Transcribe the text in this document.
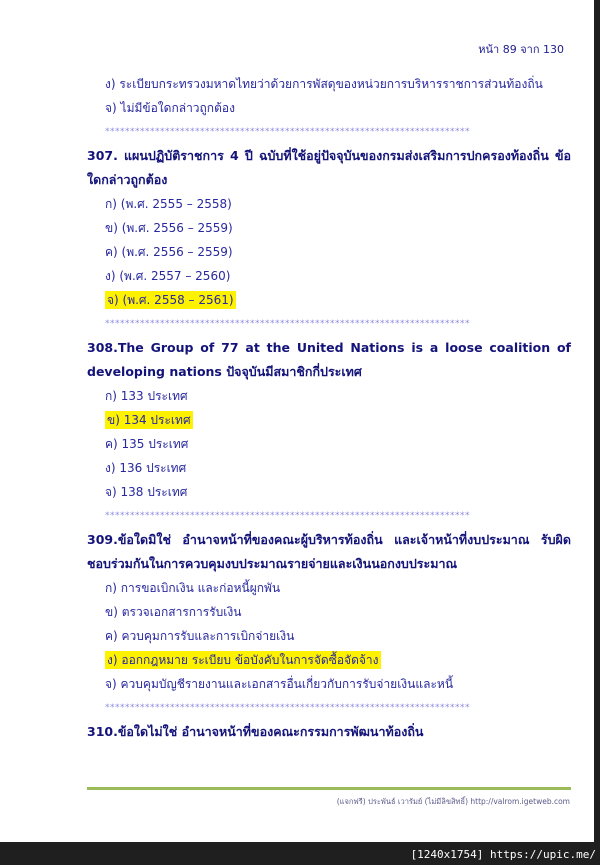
หน้า 89 จาก 130
ง) ระเบียบกระทรวงมหาดไทยว่าด้วยการพัสดุของหน่วยการบริหารราชการส่วนท้องถิ่น
จ) ไม่มีข้อใดกล่าวถูกต้อง
*************************************************************************
307. แผนปฏิบัติราชการ 4 ปี ฉบับที่ใช้อยู่ปัจจุบันของกรมส่งเสริมการปกครองท้องถิ่น ข้อใดกล่าวถูกต้อง
ก) (พ.ศ. 2555 – 2558)
ข) (พ.ศ. 2556 – 2559)
ค) (พ.ศ. 2556 – 2559)
ง) (พ.ศ. 2557 – 2560)
จ) (พ.ศ. 2558 – 2561)
*************************************************************************
308.The Group of 77 at the United Nations is a loose coalition of developing nations ปัจจุบันมีสมาชิกกี่ประเทศ
ก) 133 ประเทศ
ข) 134 ประเทศ
ค) 135 ประเทศ
ง) 136 ประเทศ
จ) 138 ประเทศ
*************************************************************************
309.ข้อใดมิใช่ อำนาจหน้าที่ของคณะผู้บริหารท้องถิ่น และเจ้าหน้าที่งบประมาณ รับผิดชอบร่วมกันในการควบคุมงบประมาณรายจ่ายและเงินนอกงบประมาณ
ก) การขอเบิกเงิน และก่อหนี้ผูกพัน
ข) ตรวจเอกสารการรับเงิน
ค) ควบคุมการรับและการเบิกจ่ายเงิน
ง) ออกกฎหมาย ระเบียบ ข้อบังคับในการจัดซื้อจัดจ้าง
จ) ควบคุมบัญชีรายงานและเอกสารอื่นเกี่ยวกับการรับจ่ายเงินและหนี้
*************************************************************************
310.ข้อใดไม่ใช่ อำนาจหน้าที่ของคณะกรรมการพัฒนาท้องถิ่น
(แจกฟรี) ประพันธ์ เวารัมย์ (ไม่มีลิขสิทธิ์) http://valrom.igetweb.com
[1240x1754] https://upic.me/
